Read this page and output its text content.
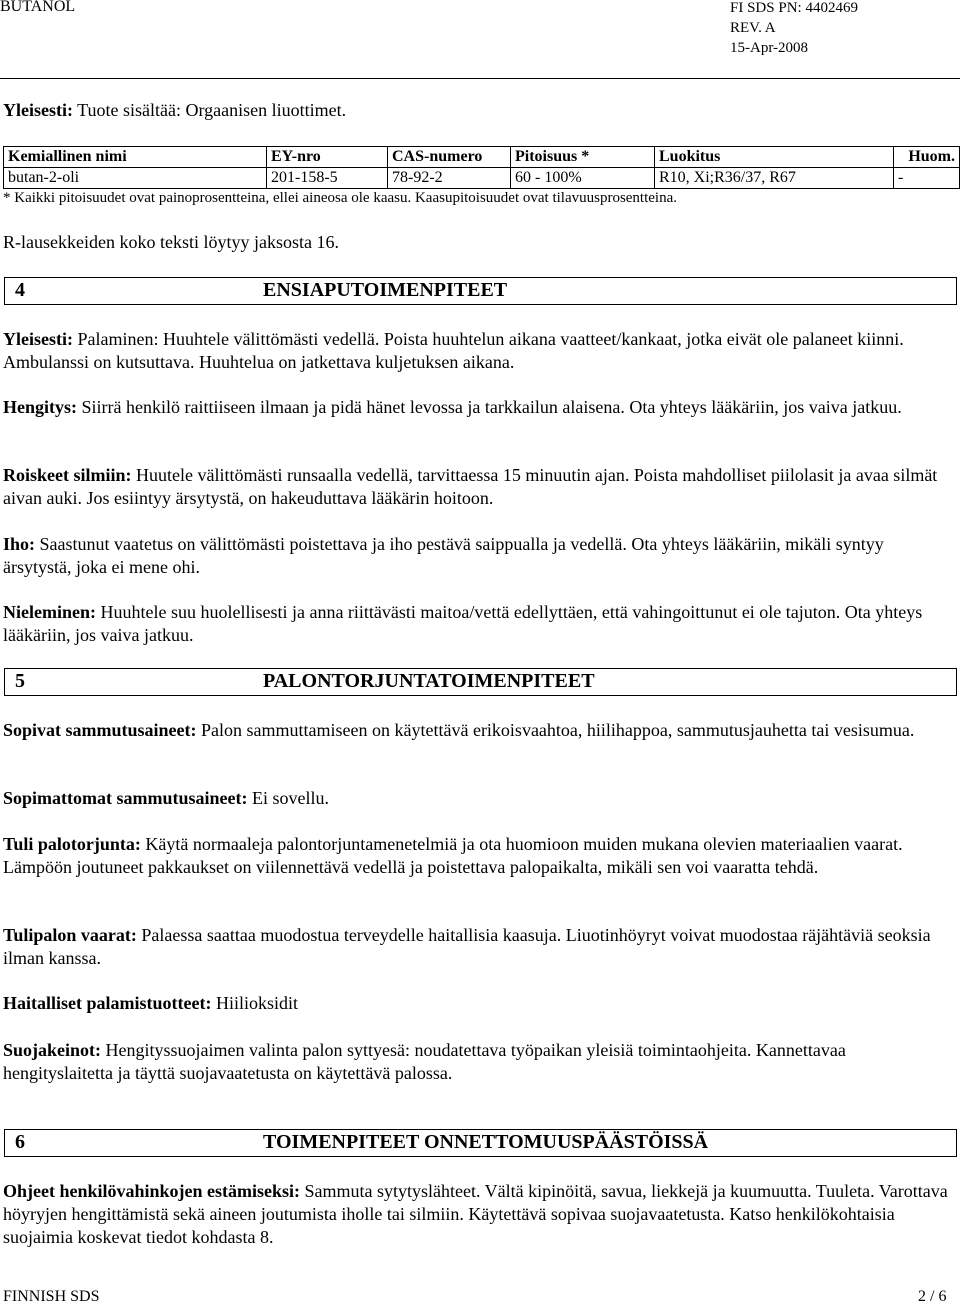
BUTANOL	FI SDS PN: 4402469
REV. A
15-Apr-2008
Yleisesti: Tuote sisältää: Orgaanisen liuottimet.
Kemiallinen nimi	EY-nro	CAS-numero	Pitoisuus *	Luokitus	Huom.
butan-2-oli	201-158-5	78-92-2	60 - 100%	R10, Xi;R36/37, R67	-
* Kaikki pitoisuudet ovat painoprosentteina, ellei aineosa ole kaasu. Kaasupitoisuudet ovat tilavuusprosentteina.
R-lausekkeiden koko teksti löytyy jaksosta 16.
4	ENSIAPUTOIMENPITEET
Yleisesti: Palaminen: Huuhtele välittömästi vedellä. Poista huuhtelun aikana vaatteet/kankaat, jotka eivät ole palaneet kiinni. Ambulanssi on kutsuttava. Huuhtelua on jatkettava kuljetuksen aikana.
Hengitys: Siirrä henkilö raittiiseen ilmaan ja pidä hänet levossa ja tarkkailun alaisena. Ota yhteys lääkäriin, jos vaiva jatkuu.
Roiskeet silmiin: Huutele välittömästi runsaalla vedellä, tarvittaessa 15 minuutin ajan. Poista mahdolliset piilolasit ja avaa silmät aivan auki. Jos esiintyy ärsytystä, on hakeuduttava lääkärin hoitoon.
Iho: Saastunut vaatetus on välittömästi poistettava ja iho pestävä saippualla ja vedellä. Ota yhteys lääkäriin, mikäli syntyy ärsytystä, joka ei mene ohi.
Nieleminen: Huuhtele suu huolellisesti ja anna riittävästi maitoa/vettä edellyttäen, että vahingoittunut ei ole tajuton. Ota yhteys lääkäriin, jos vaiva jatkuu.
5	PALONTORJUNTATOIMENPITEET
Sopivat sammutusaineet: Palon sammuttamiseen on käytettävä erikoisvaahtoa, hiilihappoa, sammutusjauhetta tai vesisumua.
Sopimattomat sammutusaineet: Ei sovellu.
Tuli palotorjunta: Käytä normaaleja palontorjuntamenetelmiä ja ota huomioon muiden mukana olevien materiaalien vaarat. Lämpöön joutuneet pakkaukset on viilennettävä vedellä ja poistettava palopaikalta, mikäli sen voi vaaratta tehdä.
Tulipalon vaarat: Palaessa saattaa muodostua terveydelle haitallisia kaasuja. Liuotinhöyryt voivat muodostaa räjähtäviä seoksia ilman kanssa.
Haitalliset palamistuotteet: Hiilioksidit
Suojakeinot: Hengityssuojaimen valinta palon syttyesä: noudatettava työpaikan yleisiä toimintaohjeita. Kannettavaa hengityslaitetta ja täyttä suojavaatetusta on käytettävä palossa.
6	TOIMENPITEET ONNETTOMUUSPÄÄSTÖISSÄ
Ohjeet henkilövahinkojen estämiseksi: Sammuta sytytyslähteet. Vältä kipinöitä, savua, liekkejä ja kuumuutta. Tuuleta. Varottava höyryjen hengittämistä sekä aineen joutumista iholle tai silmiin. Käytettävä sopivaa suojavaatetusta. Katso henkilökohtaisia suojaimia koskevat tiedot kohdasta 8.
FINNISH SDS	2 / 6
